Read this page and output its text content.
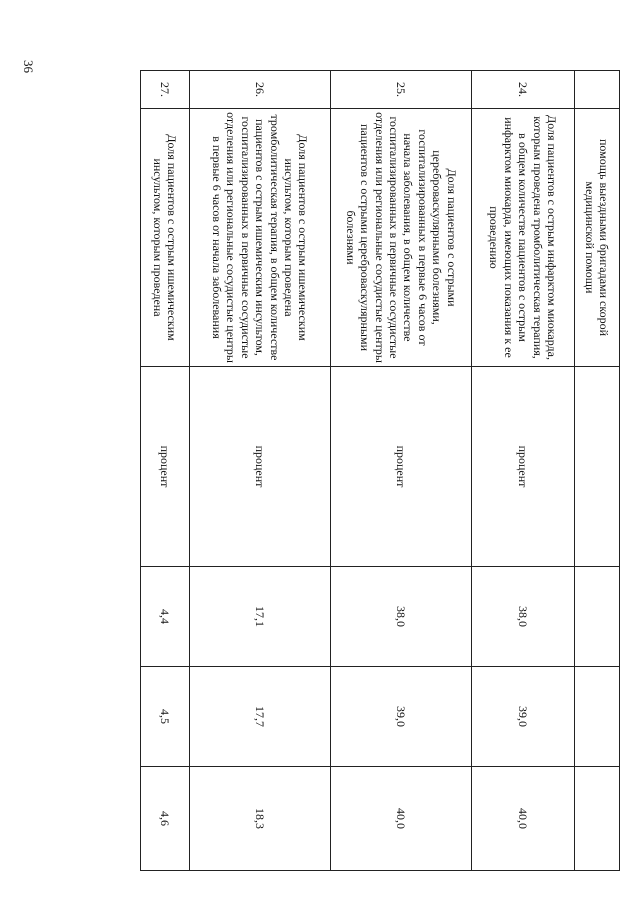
36
	помощь выездными бригадами скорой медицинской помощи				
24.	Доля пациентов с острым инфарктом миокарда, которым проведена тромболитическая терапия, в общем количестве пациентов с острым инфарктом миокарда, имеющих показания к ее проведению	процент	38,0	39,0	40,0
25.	Доля пациентов с острыми цереброваскулярными болезнями, госпитализированных в первые 6 часов от начала заболевания, в общем количестве госпитализированных в первичные сосудистые отделения или региональные сосудистые центры пациентов с острыми цереброваскулярными болезнями	процент	38,0	39,0	40,0
26.	Доля пациентов с острым ишемическим инсультом, которым проведена тромболитическая терапия, в общем количестве пациентов с острым ишемическим инсультом, госпитализированных в первичные сосудистые отделения или региональные сосудистые центры в первые 6 часов от начала заболевания	процент	17,1	17,7	18,3
27.	Доля пациентов с острым ишемическим инсультом, которым проведена	процент	4,4	4,5	4,6
